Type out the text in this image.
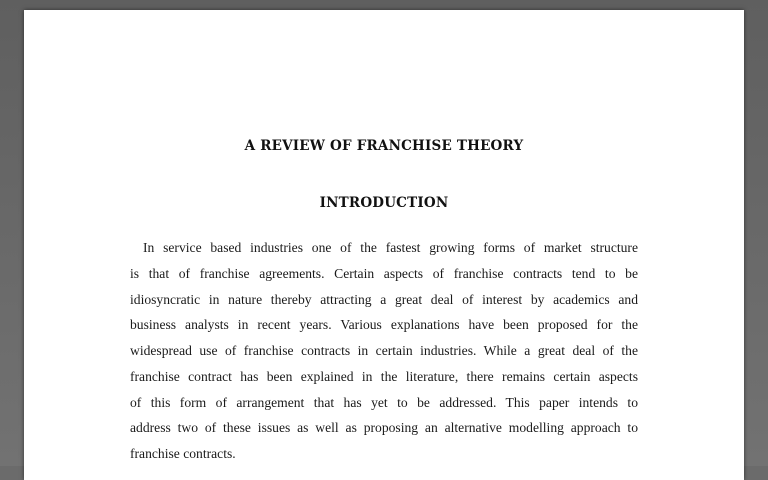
A REVIEW OF FRANCHISE THEORY
INTRODUCTION
In service based industries one of the fastest growing forms of market structure
is that of franchise agreements. Certain aspects of franchise contracts tend to be
idiosyncratic in nature thereby attracting a great deal of interest by academics and
business analysts in recent years. Various explanations have been proposed for the
widespread use of franchise contracts in certain industries. While a great deal of the
franchise contract has been explained in the literature, there remains certain aspects
of this form of arrangement that has yet to be addressed. This paper intends to
address two of these issues as well as proposing an alternative modelling approach to
franchise contracts.
